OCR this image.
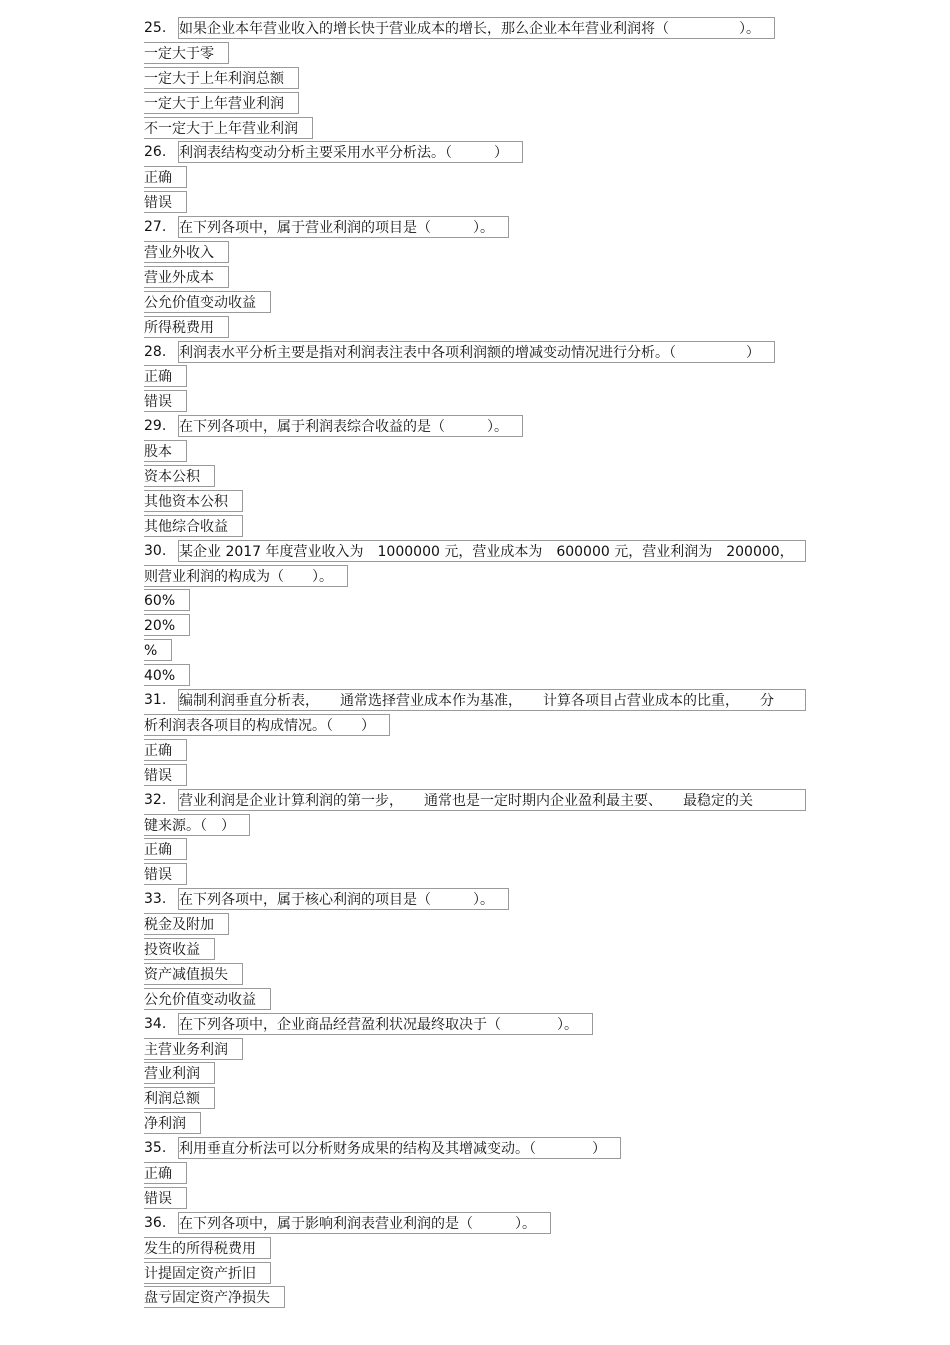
25. 如果企业本年营业收入的增长快于营业成本的增长，那么企业本年营业利润将（　　　　　）。
一定大于零
一定大于上年利润总额
一定大于上年营业利润
不一定大于上年营业利润
26. 利润表结构变动分析主要采用水平分析法。（　　　）
正确
错误
27. 在下列各项中，属于营业利润的项目是（　　　）。
营业外收入
营业外成本
公允价值变动收益
所得税费用
28. 利润表水平分析主要是指对利润表注表中各项利润额的增减变动情况进行分析。（　　　　　）
正确
错误
29. 在下列各项中，属于利润表综合收益的是（　　　）。
股本
资本公积
其他资本公积
其他综合收益
30. 某企业 2017 年度营业收入为　1000000 元，营业成本为　600000 元，营业利润为　200000，
则营业利润的构成为（　　）。
60%
20%
%
40%
31. 编制利润垂直分析表，　　通常选择营业成本作为基准，　　计算各项目占营业成本的比重，　　分
析利润表各项目的构成情况。（　　）
正确
错误
32. 营业利润是企业计算利润的第一步，　　通常也是一定时期内企业盈利最主要、　　最稳定的关
键来源。（　）
正确
错误
33. 在下列各项中，属于核心利润的项目是（　　　）。
税金及附加
投资收益
资产减值损失
公允价值变动收益
34. 在下列各项中，企业商品经营盈利状况最终取决于（　　　　）。
主营业务利润
营业利润
利润总额
净利润
35. 利用垂直分析法可以分析财务成果的结构及其增减变动。（　　　　）
正确
错误
36. 在下列各项中，属于影响利润表营业利润的是（　　　）。
发生的所得税费用
计提固定资产折旧
盘亏固定资产净损失
